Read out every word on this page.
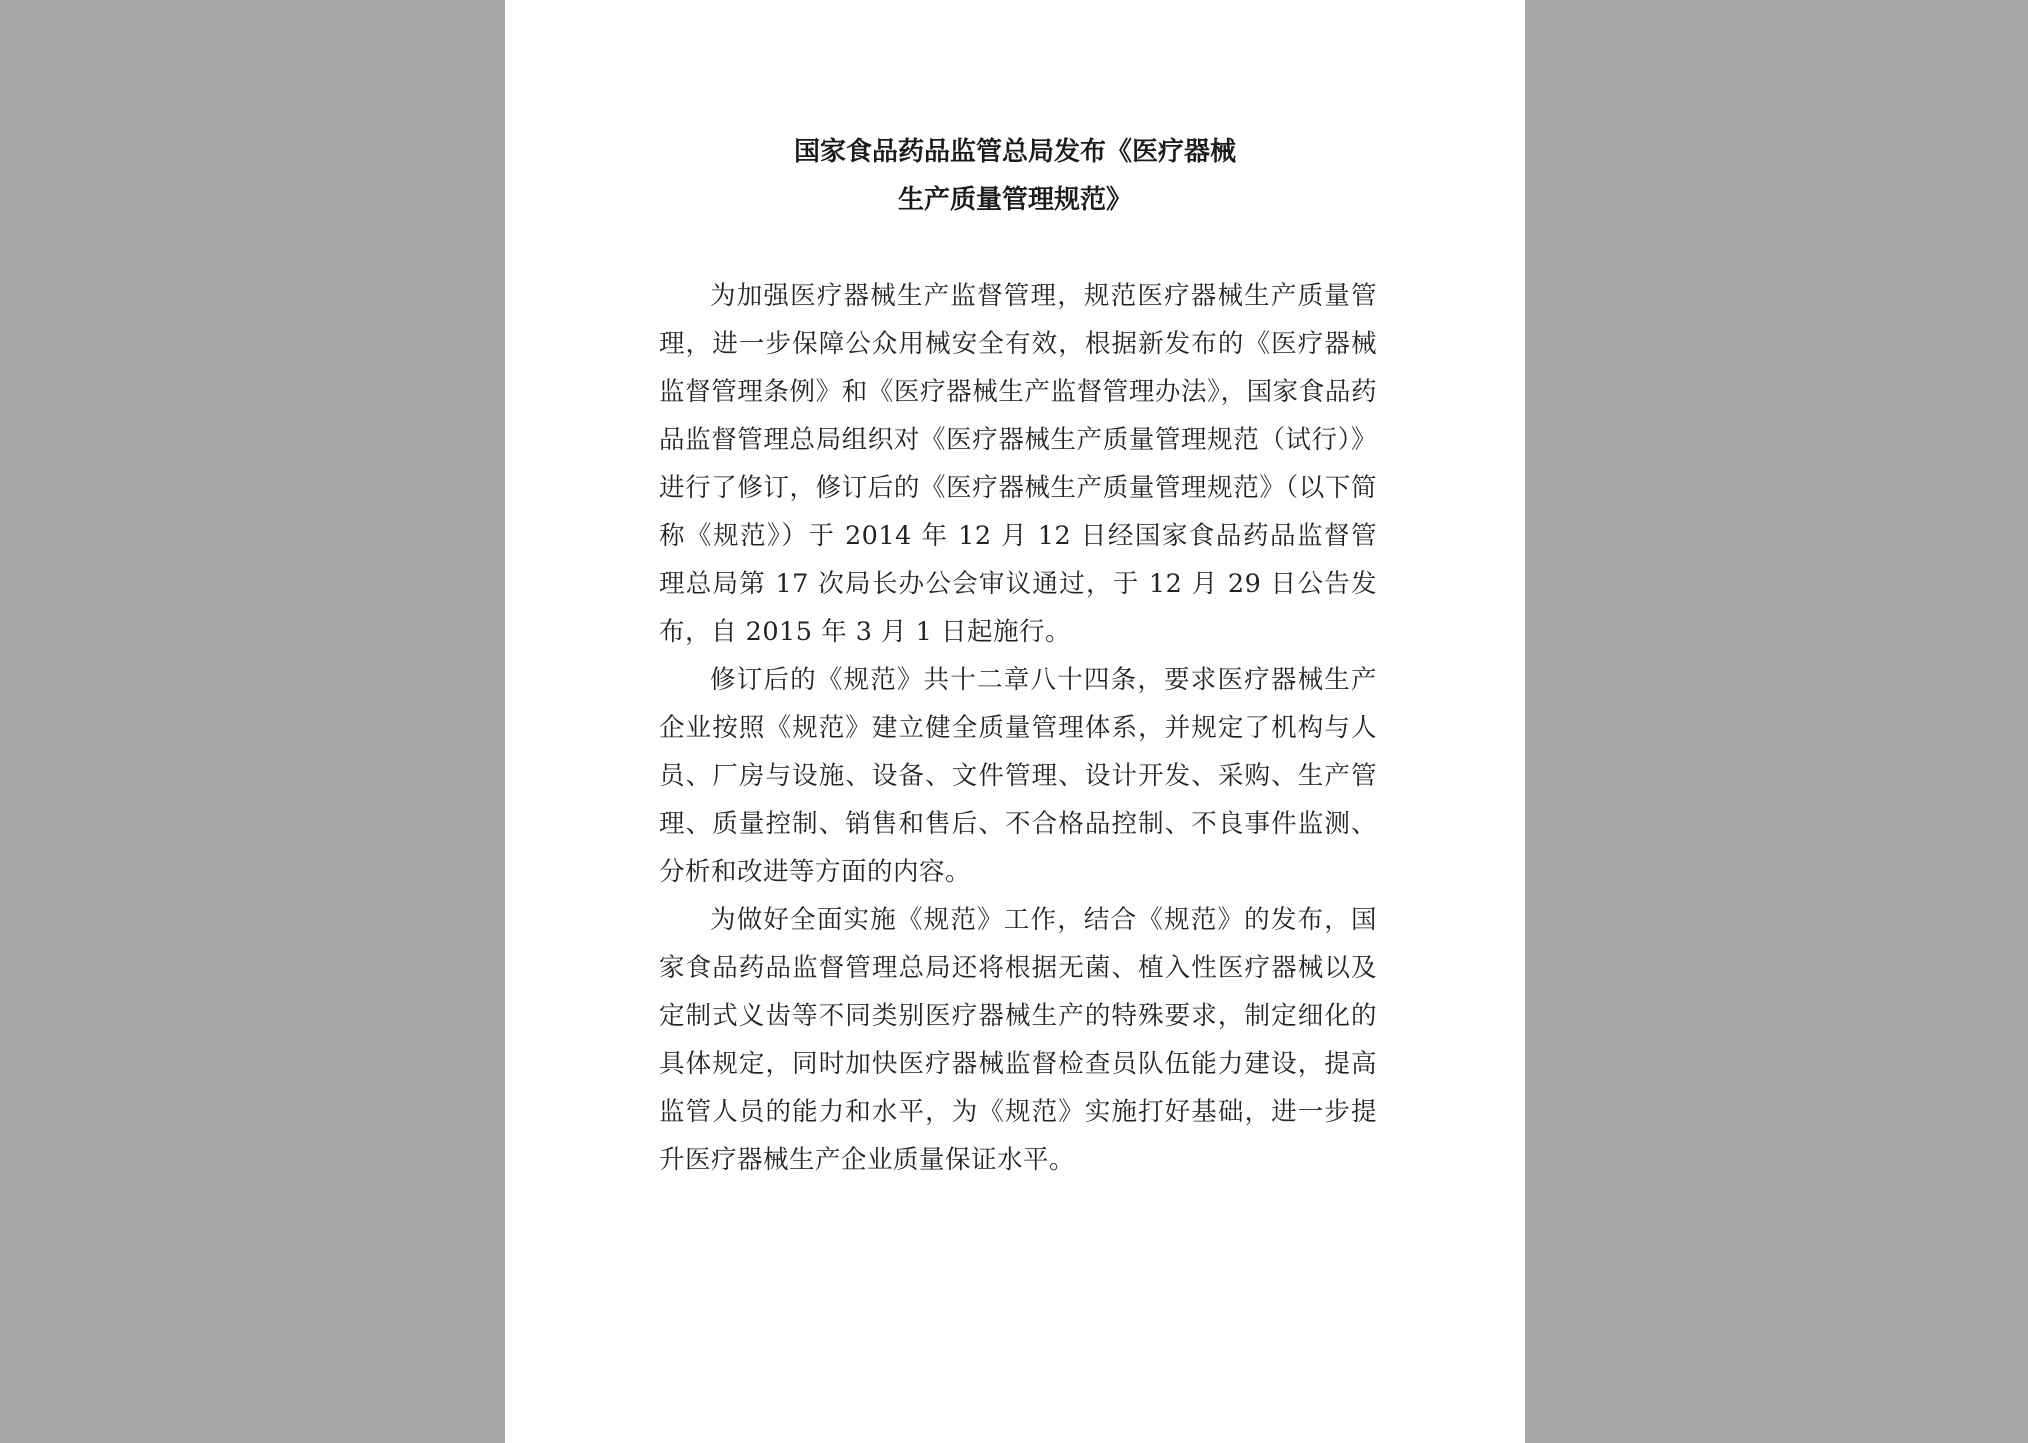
国家食品药品监管总局发布《医疗器械
生产质量管理规范》

为加强医疗器械生产监督管理，规范医疗器械生产质量管理，进一步保障公众用械安全有效，根据新发布的《医疗器械监督管理条例》和《医疗器械生产监督管理办法》，国家食品药品监督管理总局组织对《医疗器械生产质量管理规范（试行）》进行了修订，修订后的《医疗器械生产质量管理规范》（以下简称《规范》）于 2014 年 12 月 12 日经国家食品药品监督管理总局第 17 次局长办公会审议通过，于 12 月 29 日公告发布，自 2015 年 3 月 1 日起施行。

修订后的《规范》共十二章八十四条，要求医疗器械生产企业按照《规范》建立健全质量管理体系，并规定了机构与人员、厂房与设施、设备、文件管理、设计开发、采购、生产管理、质量控制、销售和售后、不合格品控制、不良事件监测、分析和改进等方面的内容。

为做好全面实施《规范》工作，结合《规范》的发布，国家食品药品监督管理总局还将根据无菌、植入性医疗器械以及定制式义齿等不同类别医疗器械生产的特殊要求，制定细化的具体规定，同时加快医疗器械监督检查员队伍能力建设，提高监管人员的能力和水平，为《规范》实施打好基础，进一步提升医疗器械生产企业质量保证水平。
